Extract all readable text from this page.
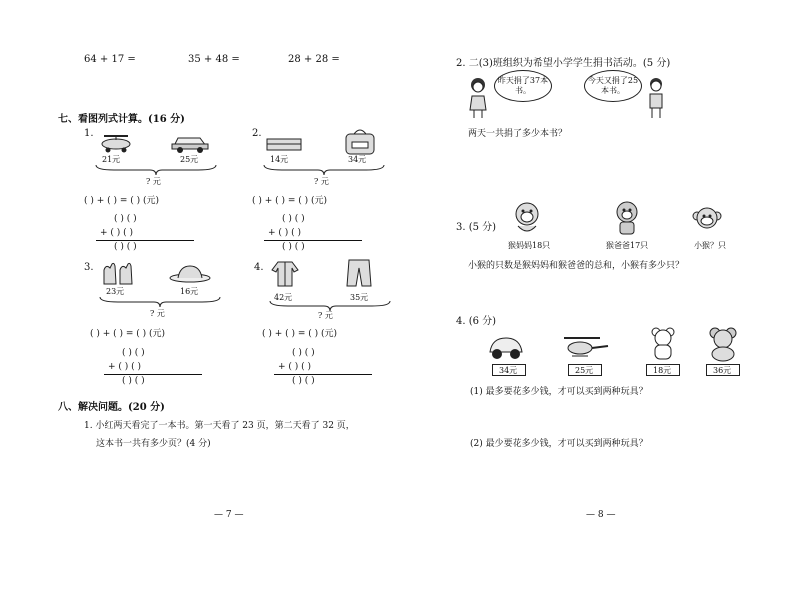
64 + 17 =	35 + 48 =	28 + 28 =
七、看图列式计算。(16 分)
1.
21元	25元
? 元
( ) + ( ) = ( ) (元)
( ) ( )
+ ( ) ( )
( ) ( )
2.
14元	34元
? 元
( ) + ( ) = ( ) (元)
( ) ( )
+ ( ) ( )
( ) ( )
3.
23元	16元
? 元
( ) + ( ) = ( ) (元)
( ) ( )
+ ( ) ( )
( ) ( )
4.
42元	35元
? 元
( ) + ( ) = ( ) (元)
( ) ( )
+ ( ) ( )
( ) ( )
八、解决问题。(20 分)
1. 小红两天看完了一本书。第一天看了 23 页，第二天看了 32 页，
这本书一共有多少页？(4 分)
— 7 —
2. 二(3)班组织为希望小学学生捐书活动。(5 分)
昨天捐了37本书。
今天又捐了25本书。
两天一共捐了多少本书？
3. (5 分)
猴妈妈18只	猴爸爸17只	小猴？只
小猴的只数是猴妈妈和猴爸爸的总和，小猴有多少只？
4. (6 分)
34元	25元	18元	36元
(1) 最多要花多少钱，才可以买到两种玩具？
(2) 最少要花多少钱，才可以买到两种玩具？
— 8 —
